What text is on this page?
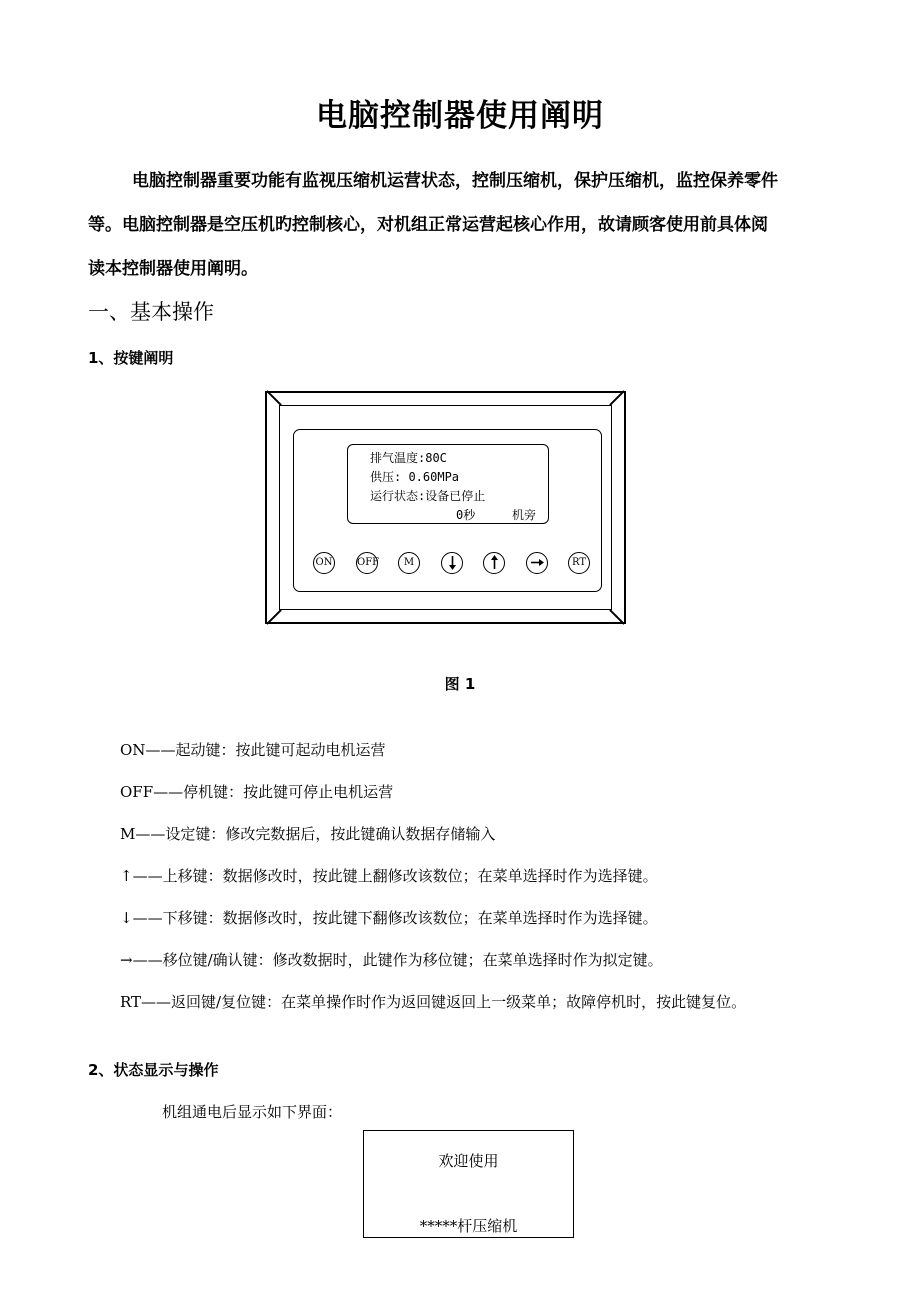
电脑控制器使用阐明

电脑控制器重要功能有监视压缩机运营状态，控制压缩机，保护压缩机，监控保养零件

等。电脑控制器是空压机旳控制核心，对机组正常运营起核心作用，故请顾客使用前具体阅

读本控制器使用阐明。

一、基本操作
1、按键阐明
排气温度:80C
供压: 0.60MPa
运行状态:设备已停止
0秒	机旁
ON OFF	M	RT
图 1
ON——起动键：按此键可起动电机运营
OFF——停机键：按此键可停止电机运营
M——设定键：修改完数据后，按此键确认数据存储输入
↑——上移键：数据修改时，按此键上翻修改该数位；在菜单选择时作为选择键。
↓——下移键：数据修改时，按此键下翻修改该数位；在菜单选择时作为选择键。
→——移位键/确认键：修改数据时，此键作为移位键；在菜单选择时作为拟定键。
RT——返回键/复位键：在菜单操作时作为返回键返回上一级菜单；故障停机时，按此键复位。
2、状态显示与操作
机组通电后显示如下界面：
欢迎使用
*****杆压缩机
